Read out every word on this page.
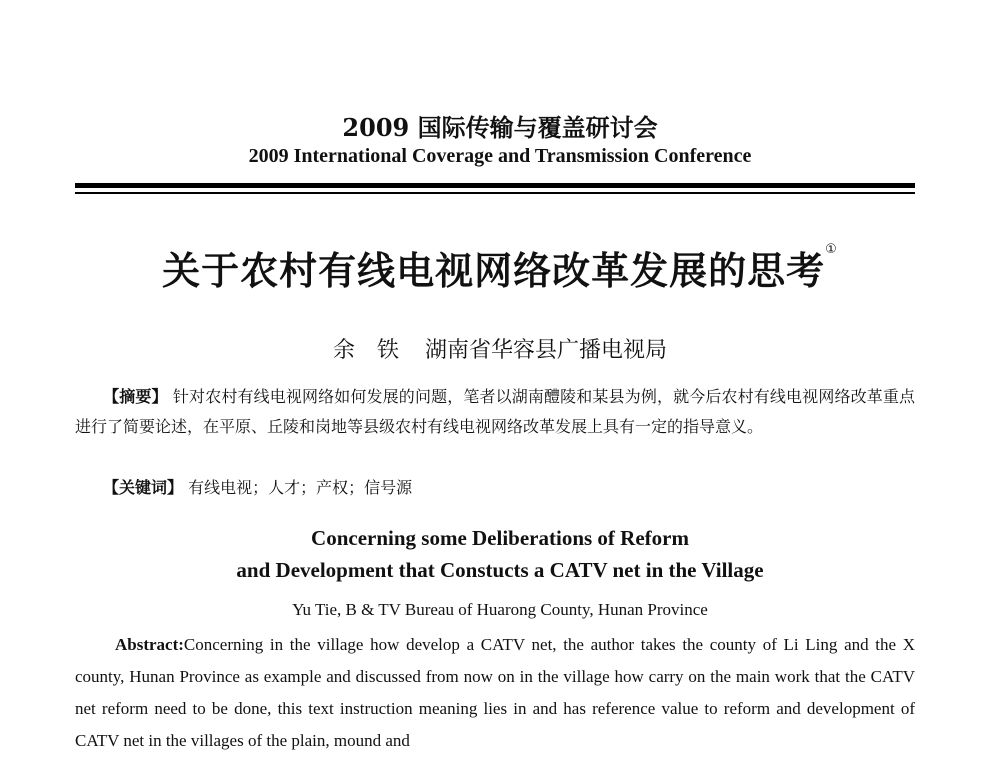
2009 国际传输与覆盖研讨会
2009 International Coverage and Transmission Conference
关于农村有线电视网络改革发展的思考①
余　铁 湖南省华容县广播电视局
【摘要】 针对农村有线电视网络如何发展的问题，笔者以湖南醴陵和某县为例，就今后农村有线电视网络改革重点进行了简要论述，在平原、丘陵和岗地等县级农村有线电视网络改革发展上具有一定的指导意义。
【关键词】 有线电视；人才；产权；信号源
Concerning some Deliberations of Reform
and Development that Constucts a CATV net in the Village
Yu Tie, B & TV Bureau of Huarong County, Hunan Province
Abstract:Concerning in the village how develop a CATV net, the author takes the county of Li Ling and the X county, Hunan Province as example and discussed from now on in the village how carry on the main work that the CATV net reform need to be done, this text instruction meaning lies in and has reference value to reform and development of CATV net in the villages of the plain, mound and
